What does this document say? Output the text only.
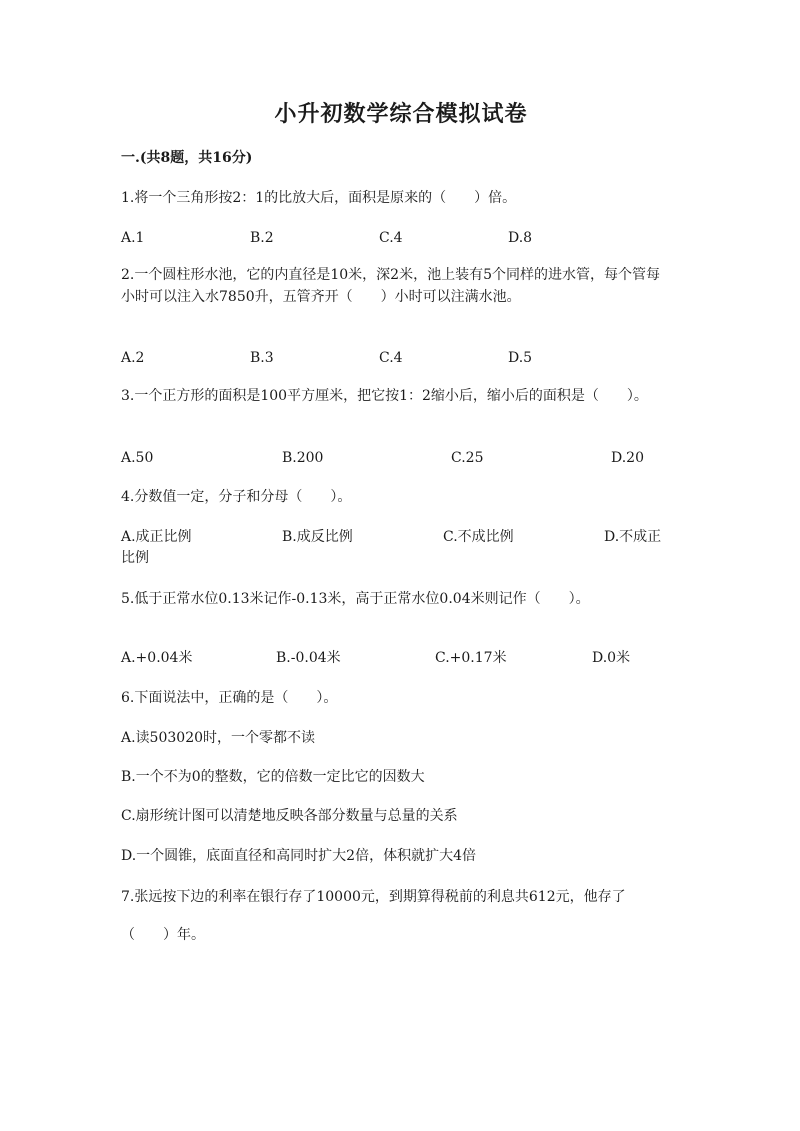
小升初数学综合模拟试卷
一.(共8题，共16分)
1.将一个三角形按2：1的比放大后，面积是原来的（　　）倍。
A.1	B.2	C.4	D.8
2.一个圆柱形水池，它的内直径是10米，深2米，池上装有5个同样的进水管，每个管每小时可以注入水7850升，五管齐开（　　）小时可以注满水池。
A.2	B.3	C.4	D.5
3.一个正方形的面积是100平方厘米，把它按1：2缩小后，缩小后的面积是（　　）。
A.50	B.200	C.25	D.20
4.分数值一定，分子和分母（　　）。
A.成正比例	B.成反比例	C.不成比例	D.不成正比例
5.低于正常水位0.13米记作-0.13米，高于正常水位0.04米则记作（　　）。
A.+0.04米	B.-0.04米	C.+0.17米	D.0米
6.下面说法中，正确的是（　　）。
A.读503020时，一个零都不读
B.一个不为0的整数，它的倍数一定比它的因数大
C.扇形统计图可以清楚地反映各部分数量与总量的关系
D.一个圆锥，底面直径和高同时扩大2倍，体积就扩大4倍
7.张远按下边的利率在银行存了10000元，到期算得税前的利息共612元，他存了（　　）年。
